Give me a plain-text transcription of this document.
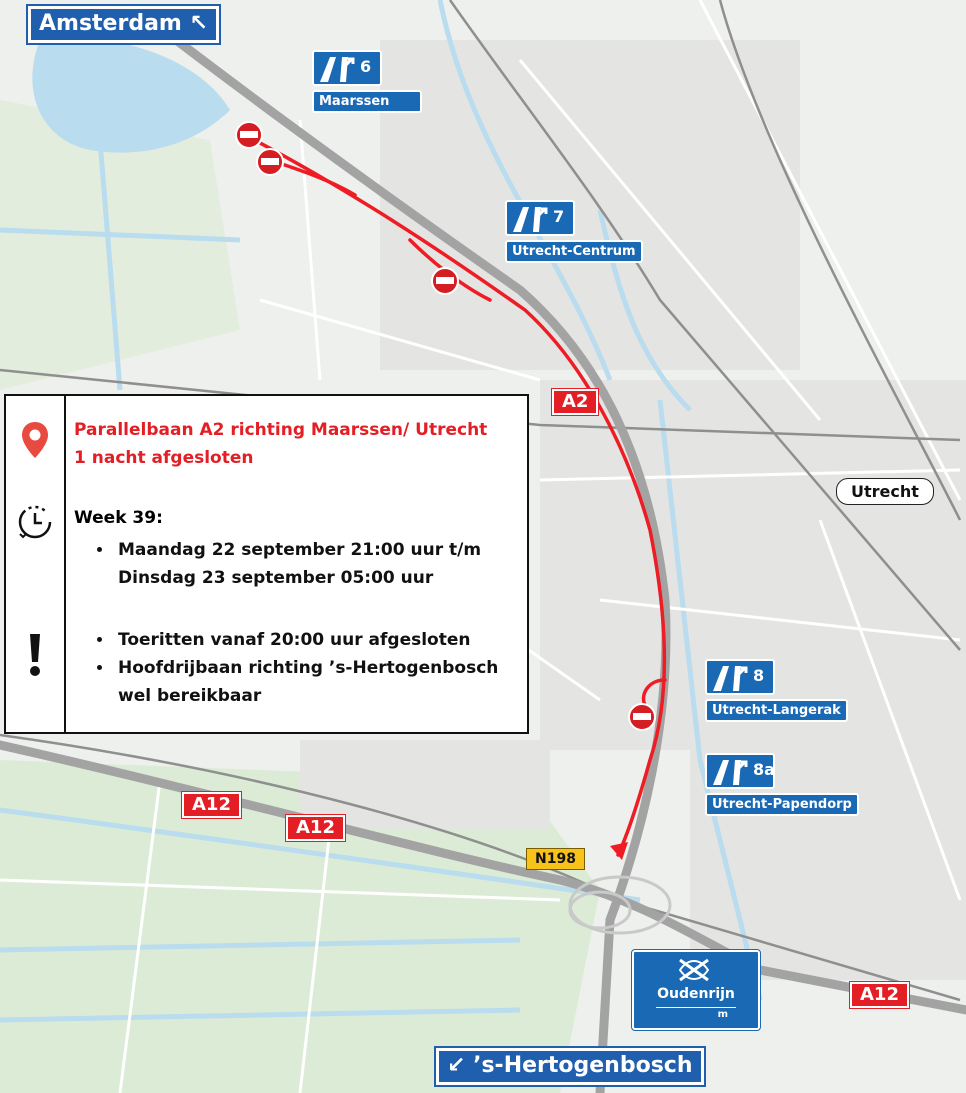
Amsterdam ↖
↙ ’s-Hertogenbosch
6
Maarssen
7
Utrecht-Centrum
8
Utrecht-Langerak
8a
Utrecht-Papendorp
A2
A12
A12
A12
N198
Utrecht
Oudenrijn
m
Parallelbaan A2 richting Maarssen/ Utrecht
1 nacht afgesloten
Week 39:
• Maandag 22 september 21:00 uur t/m Dinsdag 23 september 05:00 uur
• Toeritten vanaf 20:00 uur afgesloten
• Hoofdrijbaan richting ’s-Hertogenbosch wel bereikbaar
